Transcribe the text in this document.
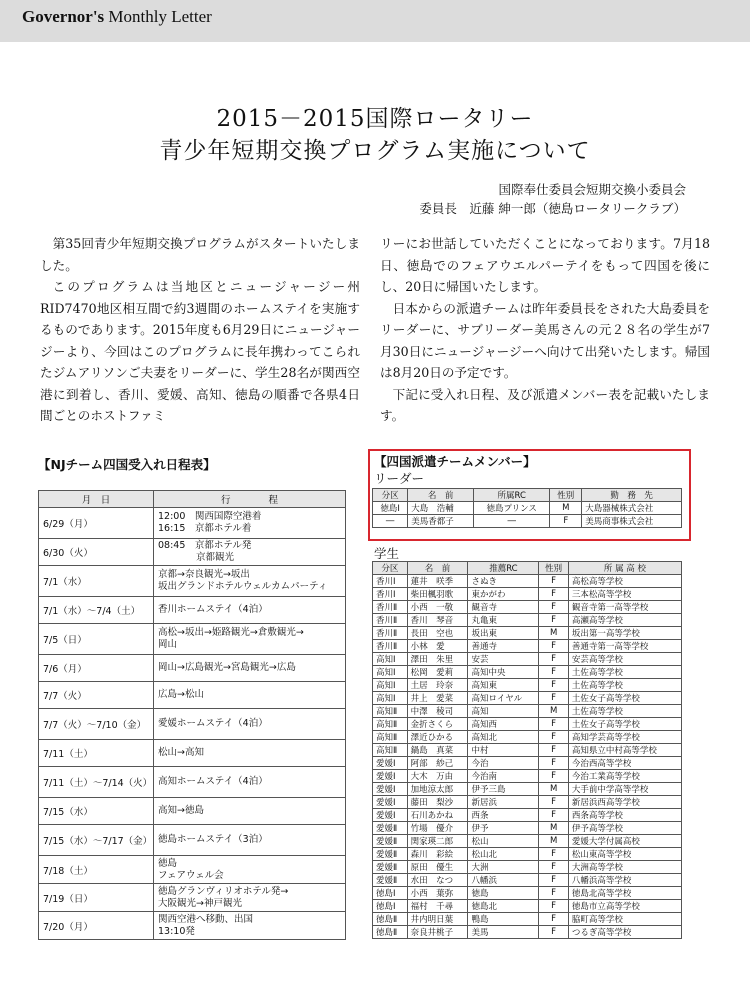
Governor's Monthly Letter
2015－2015国際ロータリー
青少年短期交換プログラム実施について
国際奉仕委員会短期交換小委員会
委員長　近藤 紳一郎（徳島ロータリークラブ）

第35回青少年短期交換プログラムがスタートいたしました。

このプログラムは当地区とニュージャージー州RID7470地区相互間で約3週間のホームステイを実施するものであります。2015年度も6月29日にニュージャージーより、今回はこのプログラムに長年携わってこられたジムアリソンご夫妻をリーダーに、学生28名が関西空港に到着し、香川、愛媛、高知、徳島の順番で各県4日間ごとのホストファミ

リーにお世話していただくことになっております。7月18日、徳島でのフェアウエルパーテイをもって四国を後にし、20日に帰国いたします。

日本からの派遣チームは昨年委員長をされた大島委員をリーダーに、サブリーダー美馬さんの元２８名の学生が7月30日にニュージャージーへ向けて出発いたします。帰国は8月20日の予定です。

下記に受入れ日程、及び派遣メンバー表を記載いたします。

【NJチーム四国受入れ日程表】
月　日	行　　　　程
6/29（月）	12:00　関西国際空港着
16:15　京都ホテル着
6/30（火）	08:45　京都ホテル発
　　　　京都観光
7/1（水）	京都→奈良観光→坂出
坂出グランドホテルウェルカムパーティ
7/1（水）～7/4（土）	香川ホームステイ（4泊）
7/5（日）	高松→坂出→姫路観光→倉敷観光→
岡山
7/6（月）	岡山→広島観光→宮島観光→広島
7/7（火）	広島→松山
7/7（火）～7/10（金）	愛媛ホームステイ（4泊）
7/11（土）	松山→高知
7/11（土）～7/14（火）	高知ホームステイ（4泊）
7/15（水）	高知→徳島
7/15（水）～7/17（金）	徳島ホームステイ（3泊）
7/18（土）	徳島
フェアウェル会
7/19（日）	徳島グランヴィリオホテル発→
大阪観光→神戸観光
7/20（月）	関西空港へ移動、出国
13:10発
【四国派遣チームメンバー】
リーダー
分区	名　前	所属RC	性別	勤　務　先
徳島Ⅰ	大島　浩輔	徳島プリンス	M	大島器械株式会社
―	美馬香都子	―	F	美馬商事株式会社
学生
分区	名　前	推薦RC	性別	所 属 高 校
香川Ⅰ	蓮井　咲季	さぬき	F	高松高等学校
香川Ⅰ	柴田楓羽歌	東かがわ	F	三本松高等学校
香川Ⅱ	小西　一敬	観音寺	F	観音寺第一高等学校
香川Ⅱ	香川　琴音	丸亀東	F	高瀬高等学校
香川Ⅱ	長田　空也	坂出東	M	坂出第一高等学校
香川Ⅱ	小林　愛	善通寺	F	善通寺第一高等学校
高知Ⅰ	澤田　朱里	安芸	F	安芸高等学校
高知Ⅰ	松岡　愛莉	高知中央	F	土佐高等学校
高知Ⅰ	土居　玲奈	高知東	F	土佐高等学校
高知Ⅰ	井上　愛菜	高知ロイヤル	F	土佐女子高等学校
高知Ⅱ	中澤　稜司	高知	M	土佐高等学校
高知Ⅱ	金折さくら	高知西	F	土佐女子高等学校
高知Ⅱ	澤近ひかる	高知北	F	高知学芸高等学校
高知Ⅱ	鍋島　真菜	中村	F	高知県立中村高等学校
愛媛Ⅰ	阿部　紗己	今治	F	今治西高等学校
愛媛Ⅰ	大木　万由	今治南	F	今治工業高等学校
愛媛Ⅰ	加地涼太郎	伊予三島	M	大手前中学高等学校
愛媛Ⅰ	藤田　梨沙	新居浜	F	新居浜西高等学校
愛媛Ⅰ	石川あかね	西条	F	西条高等学校
愛媛Ⅱ	竹場　優介	伊予	M	伊予高等学校
愛媛Ⅱ	関家瑛二郎	松山	M	愛媛大学付属高校
愛媛Ⅱ	森川　彩絵	松山北	F	松山東高等学校
愛媛Ⅱ	原田　優生	大洲	F	大洲高等学校
愛媛Ⅱ	水田　なつ	八幡浜	F	八幡浜高等学校
徳島Ⅰ	小西　葉弥	徳島	F	徳島北高等学校
徳島Ⅰ	福村　千尋	徳島北	F	徳島市立高等学校
徳島Ⅱ	井内明日葉	鴨島	F	脇町高等学校
徳島Ⅱ	奈良井桃子	美馬	F	つるぎ高等学校
